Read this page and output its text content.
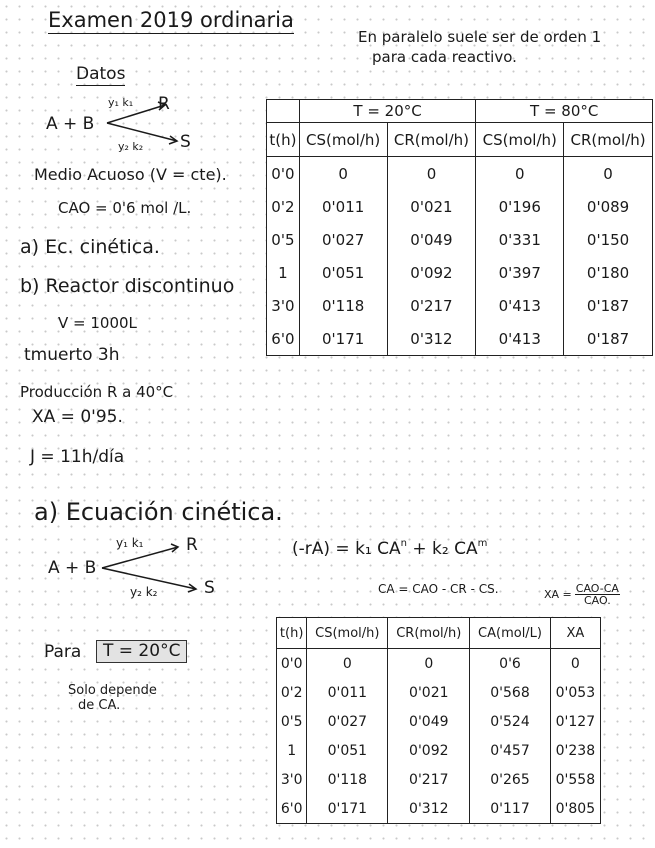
Examen 2019 ordinaria
En paralelo suele ser de orden 1
para cada reactivo.
Datos
A + B
y₁ k₁
y₂ k₂
R
S
Medio Acuoso (V = cte).
CAO = 0'6 mol /L.
a) Ec. cinética.
b) Reactor discontinuo
V = 1000L
tmuerto 3h
Producción R a 40°C
XA = 0'95.
J = 11h/día
	T = 20°C		T = 80°C	
t(h)	CS(mol/h)	CR(mol/h)	CS(mol/h)	CR(mol/h)
0'0	0	0	0	0
0'2	0'011	0'021	0'196	0'089
0'5	0'027	0'049	0'331	0'150
1	0'051	0'092	0'397	0'180
3'0	0'118	0'217	0'413	0'187
6'0	0'171	0'312	0'413	0'187
a) Ecuación cinética.
A + B
y₁ k₁
y₂ k₂
R
S
(-rA) = k₁ $CA^n + k_2$ $CA^m$
CA = CAO - CR - CS.	XA = CAO-CA
CAO.
Para	T = 20°C
Solo depende
de CA.
t(h)	CS(mol/h)	CR(mol/h)	CA(mol/L)	XA
0'0	0	0	0'6	0
0'2	0'011	0'021	0'568	0'053
0'5	0'027	0'049	0'524	0'127
1	0'051	0'092	0'457	0'238
3'0	0'118	0'217	0'265	0'558
6'0	0'171	0'312	0'117	0'805
